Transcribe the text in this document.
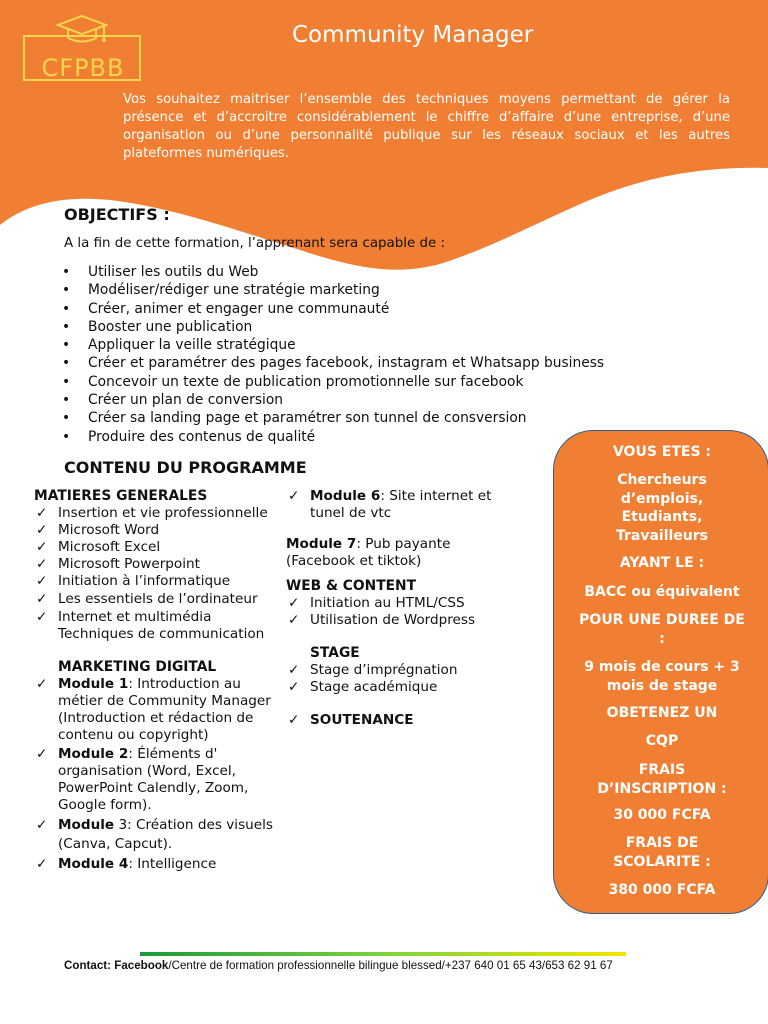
CFPBB
Community Manager
Vos souhaitez maitriser l’ensemble des techniques moyens permettant de gérer la présence et d’accroitre considérablement le chiffre d’affaire d’une entreprise, d’une organisation ou d’une personnalité publique sur les réseaux sociaux et les autres plateformes numériques.
OBJECTIFS :
A la fin de cette formation, l’apprenant sera capable de :
• Utiliser les outils du Web
• Modéliser/rédiger une stratégie marketing
• Créer, animer et engager une communauté
• Booster une publication
• Appliquer la veille stratégique
• Créer et paramétrer des pages facebook, instagram et Whatsapp business
• Concevoir un texte de publication promotionnelle sur facebook
• Créer un plan de conversion
• Créer sa landing page et paramétrer son tunnel de consversion
• Produire des contenus de qualité
CONTENU DU PROGRAMME
MATIERES GENERALES
✓ Insertion et vie professionnelle
✓ Microsoft Word
✓ Microsoft Excel
✓ Microsoft Powerpoint
✓ Initiation à l’informatique
✓ Les essentiels de l’ordinateur
✓ Internet et multimédia Techniques de communication
MARKETING DIGITAL
✓ Module 1: Introduction au métier de Community Manager (Introduction et rédaction de contenu ou copyright)
✓ Module 2: Éléments d' organisation (Word, Excel, PowerPoint Calendly, Zoom, Google form).
✓ Module 3: Création des visuels (Canva, Capcut).
✓ Module 4: Intelligence
✓ Module 6: Site internet et tunel de vtc
Module 7: Pub payante (Facebook et tiktok)
WEB & CONTENT
✓ Initiation au HTML/CSS
✓ Utilisation de Wordpress
STAGE
✓ Stage d’imprégnation
✓ Stage académique
✓ SOUTENANCE
VOUS ETES :
Chercheurs d’emplois, Etudiants, Travailleurs
AYANT LE :
BACC ou équivalent
POUR UNE DUREE DE :
9 mois de cours + 3 mois de stage
OBETENEZ UN
CQP
FRAIS D’INSCRIPTION :
30 000 FCFA
FRAIS DE SCOLARITE :
380 000 FCFA
Contact: Facebook/Centre de formation professionnelle bilingue blessed/+237 640 01 65 43/653 62 91 67
